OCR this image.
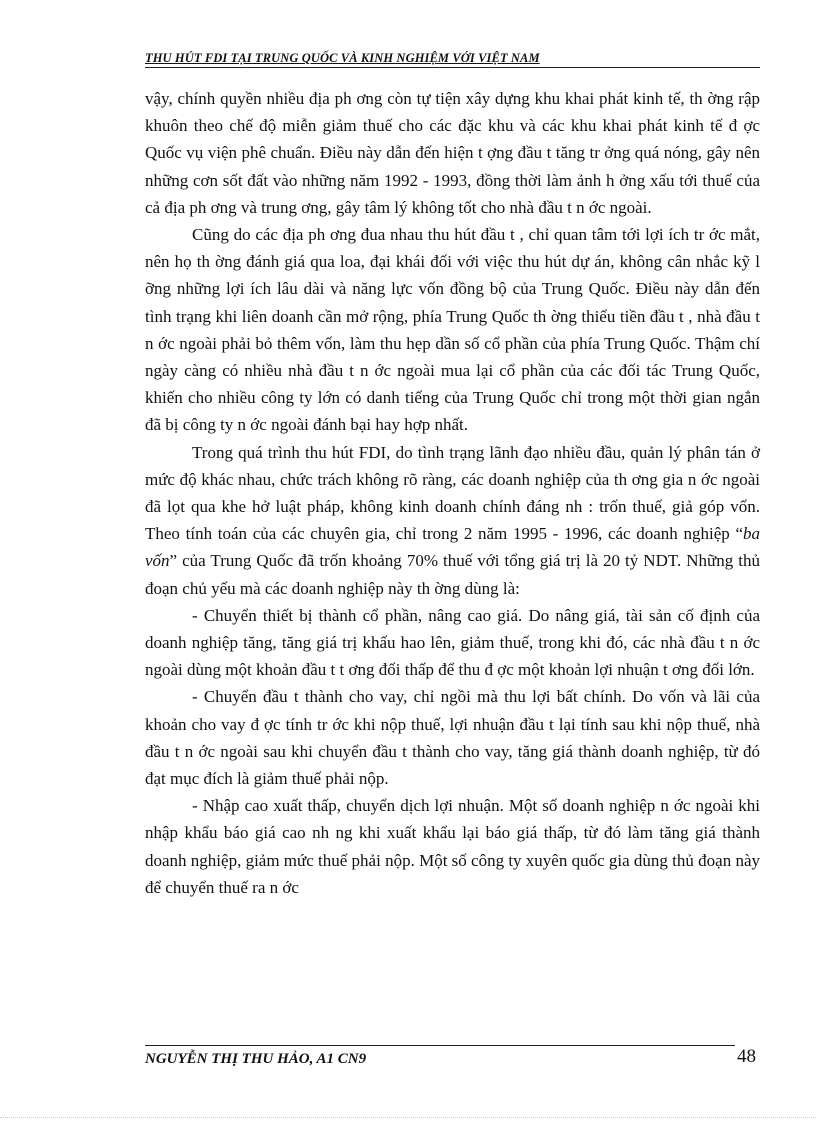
THU HÚT FDI TẠI TRUNG QUỐC VÀ KINH NGHIỆM VỚI VIỆT NAM

vậy, chính quyền nhiều địa ph ơng còn tự tiện xây dựng khu khai phát kinh tế, th ờng rập khuôn theo chế độ miễn giảm thuế cho các đặc khu và các khu khai phát kinh tế đ ợc Quốc vụ viện phê chuẩn. Điều này dẫn đến hiện t ợng đầu t tăng tr ởng quá nóng, gây nên những cơn sốt đất vào những năm 1992 - 1993, đồng thời làm ảnh h ởng xấu tới thuế của cả địa ph ơng và trung ơng, gây tâm lý không tốt cho nhà đầu t n ớc ngoài.

Cũng do các địa ph ơng đua nhau thu hút đầu t , chỉ quan tâm tới lợi ích tr ớc mắt, nên họ th ờng đánh giá qua loa, đại khái đối với việc thu hút dự án, không cân nhắc kỹ l ỡng những lợi ích lâu dài và năng lực vốn đồng bộ của Trung Quốc. Điều này dẫn đến tình trạng khi liên doanh cần mở rộng, phía Trung Quốc th ờng thiếu tiền đầu t , nhà đầu t n ớc ngoài phải bỏ thêm vốn, làm thu hẹp dần số cổ phần của phía Trung Quốc. Thậm chí ngày càng có nhiều nhà đầu t n ớc ngoài mua lại cổ phần của các đối tác Trung Quốc, khiến cho nhiều công ty lớn có danh tiếng của Trung Quốc chỉ trong một thời gian ngắn đã bị công ty n ớc ngoài đánh bại hay hợp nhất.

Trong quá trình thu hút FDI, do tình trạng lãnh đạo nhiều đầu, quản lý phân tán ở mức độ khác nhau, chức trách không rõ ràng, các doanh nghiệp của th ơng gia n ớc ngoài đã lọt qua khe hở luật pháp, không kinh doanh chính đáng nh : trốn thuế, giả góp vốn. Theo tính toán của các chuyên gia, chỉ trong 2 năm 1995 - 1996, các doanh nghiệp “ba vốn” của Trung Quốc đã trốn khoảng 70% thuế với tổng giá trị là 20 tỷ NDT. Những thủ đoạn chủ yếu mà các doanh nghiệp này th ờng dùng là:

- Chuyển thiết bị thành cổ phần, nâng cao giá. Do nâng giá, tài sản cố định của doanh nghiệp tăng, tăng giá trị khấu hao lên, giảm thuế, trong khi đó, các nhà đầu t n ớc ngoài dùng một khoản đầu t t ơng đối thấp để thu đ ợc một khoản lợi nhuận t ơng đối lớn.

- Chuyển đầu t thành cho vay, chỉ ngồi mà thu lợi bất chính. Do vốn và lãi của khoản cho vay đ ợc tính tr ớc khi nộp thuế, lợi nhuận đầu t lại tính sau khi nộp thuế, nhà đầu t n ớc ngoài sau khi chuyển đầu t thành cho vay, tăng giá thành doanh nghiệp, từ đó đạt mục đích là giảm thuế phải nộp.

- Nhập cao xuất thấp, chuyển dịch lợi nhuận. Một số doanh nghiệp n ớc ngoài khi nhập khẩu báo giá cao nh ng khi xuất khẩu lại báo giá thấp, từ đó làm tăng giá thành doanh nghiệp, giảm mức thuế phải nộp. Một số công ty xuyên quốc gia dùng thủ đoạn này để chuyển thuế ra n ớc

NGUYỄN THỊ THU HẢO, A1 CN9	48
